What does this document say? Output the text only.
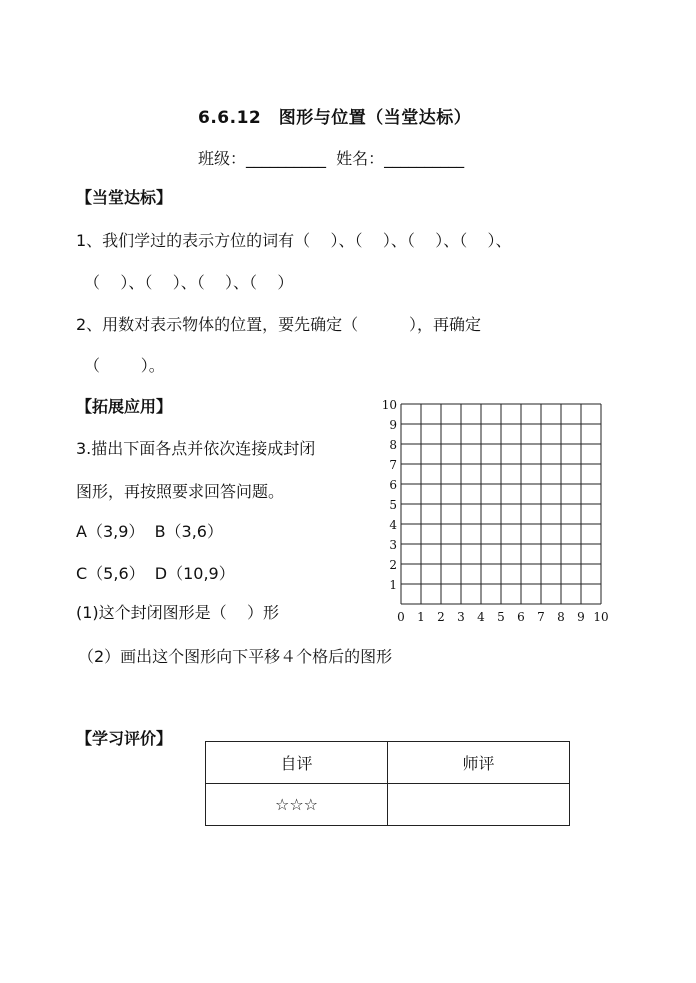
6.6.12　图形与位置（当堂达标）
班级：__________  姓名：__________
【当堂达标】
1、我们学过的表示方位的词有（    ）、（    ）、（    ）、（    ）、
（    ）、（    ）、（    ）、（    ）
2、用数对表示物体的位置，要先确定（          ），再确定
（        ）。
【拓展应用】
3.描出下面各点并依次连接成封闭
图形，再按照要求回答问题。
A（3,9）  B（3,6）
C（5,6）  D（10,9）
(1)这个封闭图形是（    ）形
（2）画出这个图形向下平移４个格后的图形
0 1 2 3 4 5 6 7 8 9 10
1
2
3
4
5
6
7
8
9
10
【学习评价】
自评	师评
☆☆☆	
